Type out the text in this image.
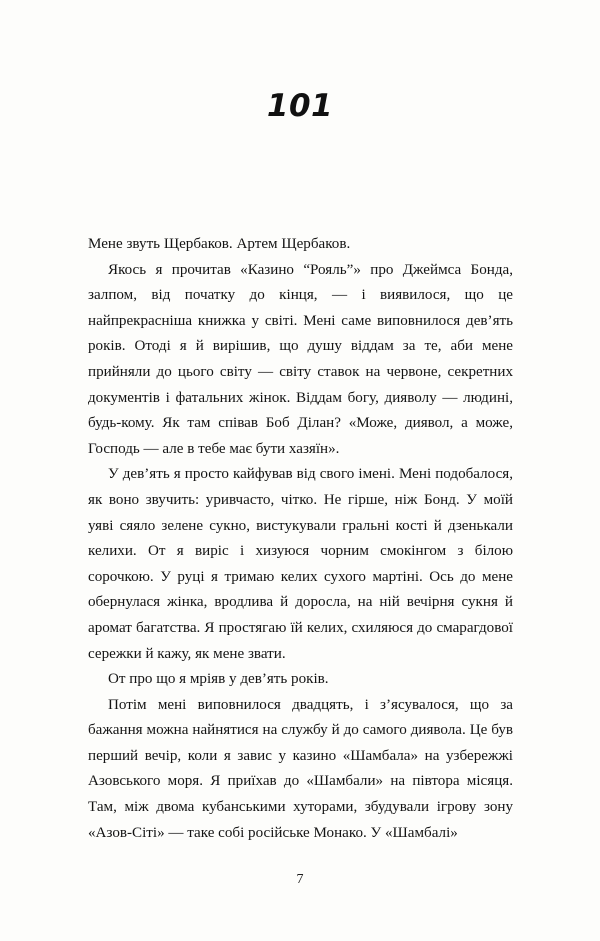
101

Мене звуть Щербаков. Артем Щербаков.

Якось я прочитав «Казино “Рояль”» про Джеймса Бонда, залпом, від початку до кінця, — і виявилося, що це найпрекрасніша книжка у світі. Мені саме виповнилося дев’ять років. Отоді я й вирішив, що душу віддам за те, аби мене прийняли до цього світу — світу ставок на червоне, секретних документів і фатальних жінок. Віддам богу, дияволу — людині, будь-кому. Як там співав Боб Ділан? «Може, диявол, а може, Господь — але в тебе має бути хазяїн».

У дев’ять я просто кайфував від свого імені. Мені подобалося, як воно звучить: уривчасто, чітко. Не гірше, ніж Бонд. У моїй уяві сяяло зелене сукно, вистукували гральні кості й дзенькали келихи. От я виріс і хизуюся чорним смокінгом з білою сорочкою. У руці я тримаю келих сухого мартіні. Ось до мене обернулася жінка, вродлива й доросла, на ній вечірня сукня й аромат багатства. Я простягаю їй келих, схиляюся до смарагдової сережки й кажу, як мене звати.

От про що я мріяв у дев’ять років.

Потім мені виповнилося двадцять, і з’ясувалося, що за бажання можна найнятися на службу й до самого диявола. Це був перший вечір, коли я завис у казино «Шамбала» на узбережжі Азовського моря. Я приїхав до «Шамбали» на півтора місяця. Там, між двома кубанськими хуторами, збудували ігрову зону «Азов-Сіті» — таке собі російське Монако. У «Шамбалі»

7
